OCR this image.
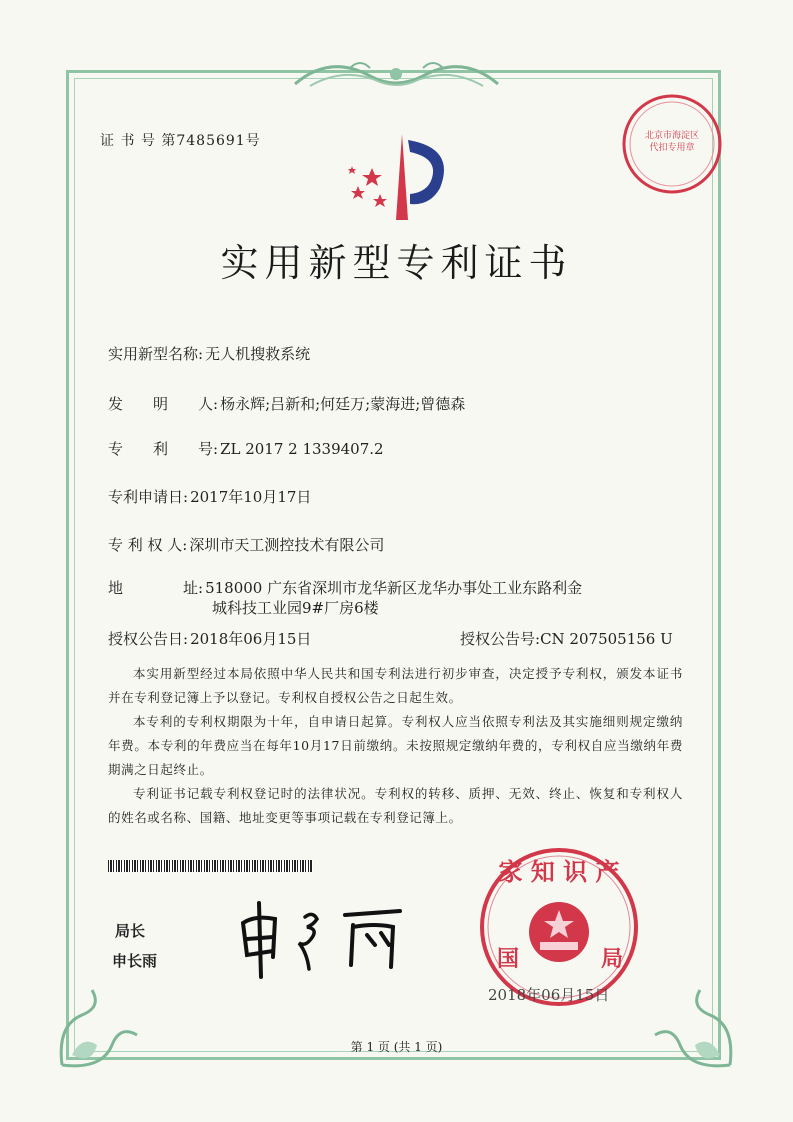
证 书 号 第7485691号	北京市海淀区
代扣专用章
实用新型专利证书
实用新型名称: 无人机搜救系统
发　　明　　人: 杨永辉;吕新和;何廷万;蒙海进;曾德森
专　　利　　号: ZL 2017 2 1339407.2
专利申请日: 2017年10月17日
专 利 权 人: 深圳市天工测控技术有限公司
地　　　　址: 518000 广东省深圳市龙华新区龙华办事处工业东路利金
城科技工业园9#厂房6楼
授权公告日: 2018年06月15日	授权公告号:CN 207505156 U
本实用新型经过本局依照中华人民共和国专利法进行初步审查，决定授予专利权，颁发本证书并在专利登记簿上予以登记。专利权自授权公告之日起生效。
本专利的专利权期限为十年，自申请日起算。专利权人应当依照专利法及其实施细则规定缴纳年费。本专利的年费应当在每年10月17日前缴纳。未按照规定缴纳年费的，专利权自应当缴纳年费期满之日起终止。
专利证书记载专利权登记时的法律状况。专利权的转移、质押、无效、终止、恢复和专利权人的姓名或名称、国籍、地址变更等事项记载在专利登记簿上。
局长
申长雨
家 知 识 产
国	局
2018年06月15日
第 1 页 (共 1 页)
